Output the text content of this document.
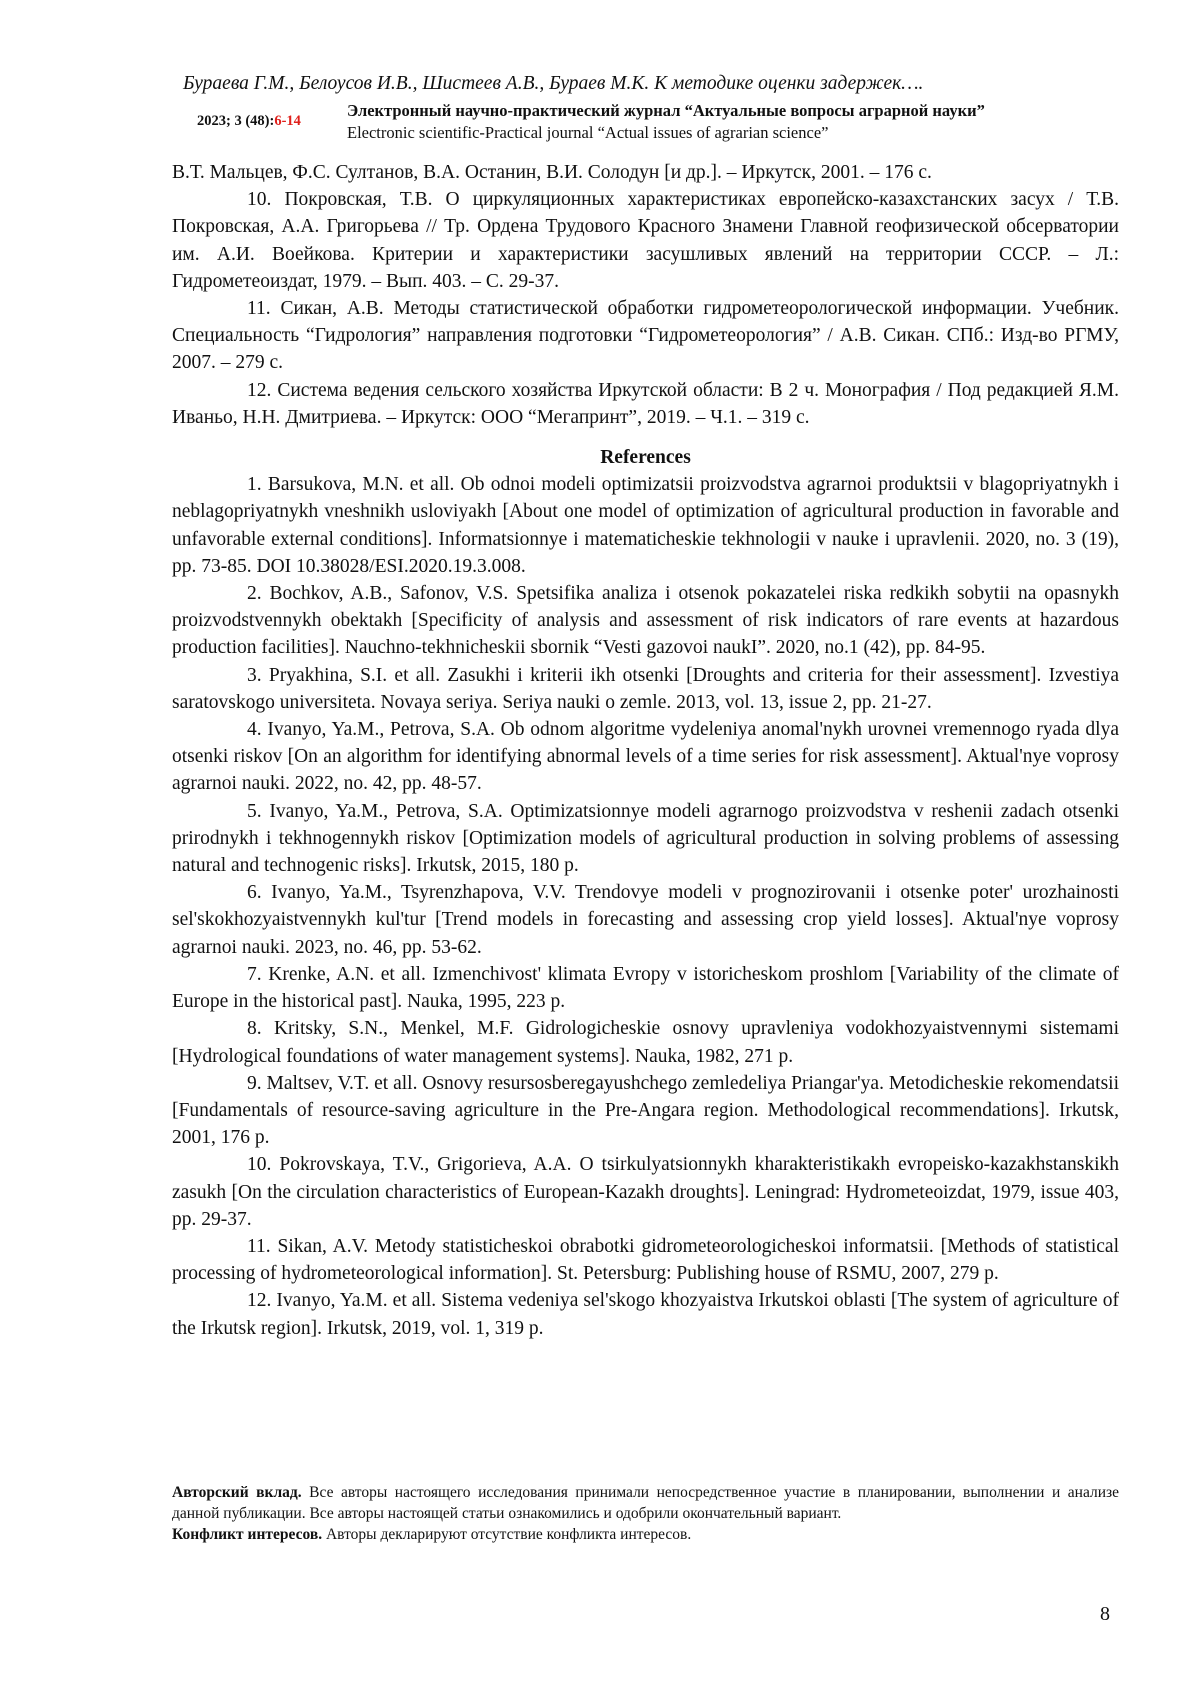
Бураева Г.М., Белоусов И.В., Шистеев А.В., Бураев М.К. К методике оценки задержек….
2023; 3 (48):6-14
Электронный научно-практический журнал “Актуальные вопросы аграрной науки”
Electronic scientific-Practical journal “Actual issues of agrarian science”

В.Т. Мальцев, Ф.С. Султанов, В.А. Останин, В.И. Солодун [и др.]. – Иркутск, 2001. – 176 с.

10. Покровская, Т.В. О циркуляционных характеристиках европейско-казахстанских засух / Т.В. Покровская, А.А. Григорьева // Тр. Ордена Трудового Красного Знамени Главной геофизической обсерватории им. А.И. Воейкова. Критерии и характеристики засушливых явлений на территории СССР. – Л.: Гидрометеоиздат, 1979. – Вып. 403. – С. 29-37.

11. Сикан, А.В. Методы статистической обработки гидрометеорологической информации. Учебник. Специальность “Гидрология” направления подготовки “Гидрометеорология” / А.В. Сикан. СПб.: Изд-во РГМУ, 2007. – 279 с.

12. Система ведения сельского хозяйства Иркутской области: В 2 ч. Монография / Под редакцией Я.М. Иваньо, Н.Н. Дмитриева. – Иркутск: ООО “Мегапринт”, 2019. – Ч.1. – 319 с.

References

1. Barsukova, M.N. et all. Ob odnoi modeli optimizatsii proizvodstva agrarnoi produktsii v blagopriyatnykh i neblagopriyatnykh vneshnikh usloviyakh [About one model of optimization of agricultural production in favorable and unfavorable external conditions]. Informatsionnye i matematicheskie tekhnologii v nauke i upravlenii. 2020, no. 3 (19), pp. 73-85. DOI 10.38028/ESI.2020.19.3.008.

2. Bochkov, A.B., Safonov, V.S. Spetsifika analiza i otsenok pokazatelei riska redkikh sobytii na opasnykh proizvodstvennykh obektakh [Specificity of analysis and assessment of risk indicators of rare events at hazardous production facilities]. Nauchno-tekhnicheskii sbornik “Vesti gazovoi naukI”. 2020, no.1 (42), pp. 84-95.

3. Pryakhina, S.I. et all. Zasukhi i kriterii ikh otsenki [Droughts and criteria for their assessment]. Izvestiya saratovskogo universiteta. Novaya seriya. Seriya nauki o zemle. 2013, vol. 13, issue 2, pp. 21-27.

4. Ivanyo, Ya.M., Petrova, S.A. Ob odnom algoritme vydeleniya anomal'nykh urovnei vremennogo ryada dlya otsenki riskov [On an algorithm for identifying abnormal levels of a time series for risk assessment]. Aktual'nye voprosy agrarnoi nauki. 2022, no. 42, pp. 48-57.

5. Ivanyo, Ya.M., Petrova, S.A. Optimizatsionnye modeli agrarnogo proizvodstva v reshenii zadach otsenki prirodnykh i tekhnogennykh riskov [Optimization models of agricultural production in solving problems of assessing natural and technogenic risks]. Irkutsk, 2015, 180 p.

6. Ivanyo, Ya.M., Tsyrenzhapova, V.V. Trendovye modeli v prognozirovanii i otsenke poter' urozhainosti sel'skokhozyaistvennykh kul'tur [Trend models in forecasting and assessing crop yield losses]. Aktual'nye voprosy agrarnoi nauki. 2023, no. 46, pp. 53-62.

7. Krenke, A.N. et all. Izmenchivost' klimata Evropy v istoricheskom proshlom [Variability of the climate of Europe in the historical past]. Nauka, 1995, 223 p.

8. Kritsky, S.N., Menkel, M.F. Gidrologicheskie osnovy upravleniya vodokhozyaistvennymi sistemami [Hydrological foundations of water management systems]. Nauka, 1982, 271 p.

9. Maltsev, V.T. et all. Osnovy resursosberegayushchego zemledeliya Priangar'ya. Metodicheskie rekomendatsii [Fundamentals of resource-saving agriculture in the Pre-Angara region. Methodological recommendations]. Irkutsk, 2001, 176 p.

10. Pokrovskaya, T.V., Grigorieva, A.A. O tsirkulyatsionnykh kharakteristikakh evropeisko-kazakhstanskikh zasukh [On the circulation characteristics of European-Kazakh droughts]. Leningrad: Hydrometeoizdat, 1979, issue 403, pp. 29-37.

11. Sikan, A.V. Metody statisticheskoi obrabotki gidrometeorologicheskoi informatsii. [Methods of statistical processing of hydrometeorological information]. St. Petersburg: Publishing house of RSMU, 2007, 279 p.

12. Ivanyo, Ya.M. et all. Sistema vedeniya sel'skogo khozyaistva Irkutskoi oblasti [The system of agriculture of the Irkutsk region]. Irkutsk, 2019, vol. 1, 319 p.

Авторский вклад. Все авторы настоящего исследования принимали непосредственное участие в планировании, выполнении и анализе данной публикации. Все авторы настоящей статьи ознакомились и одобрили окончательный вариант.

Конфликт интересов. Авторы декларируют отсутствие конфликта интересов.

8
